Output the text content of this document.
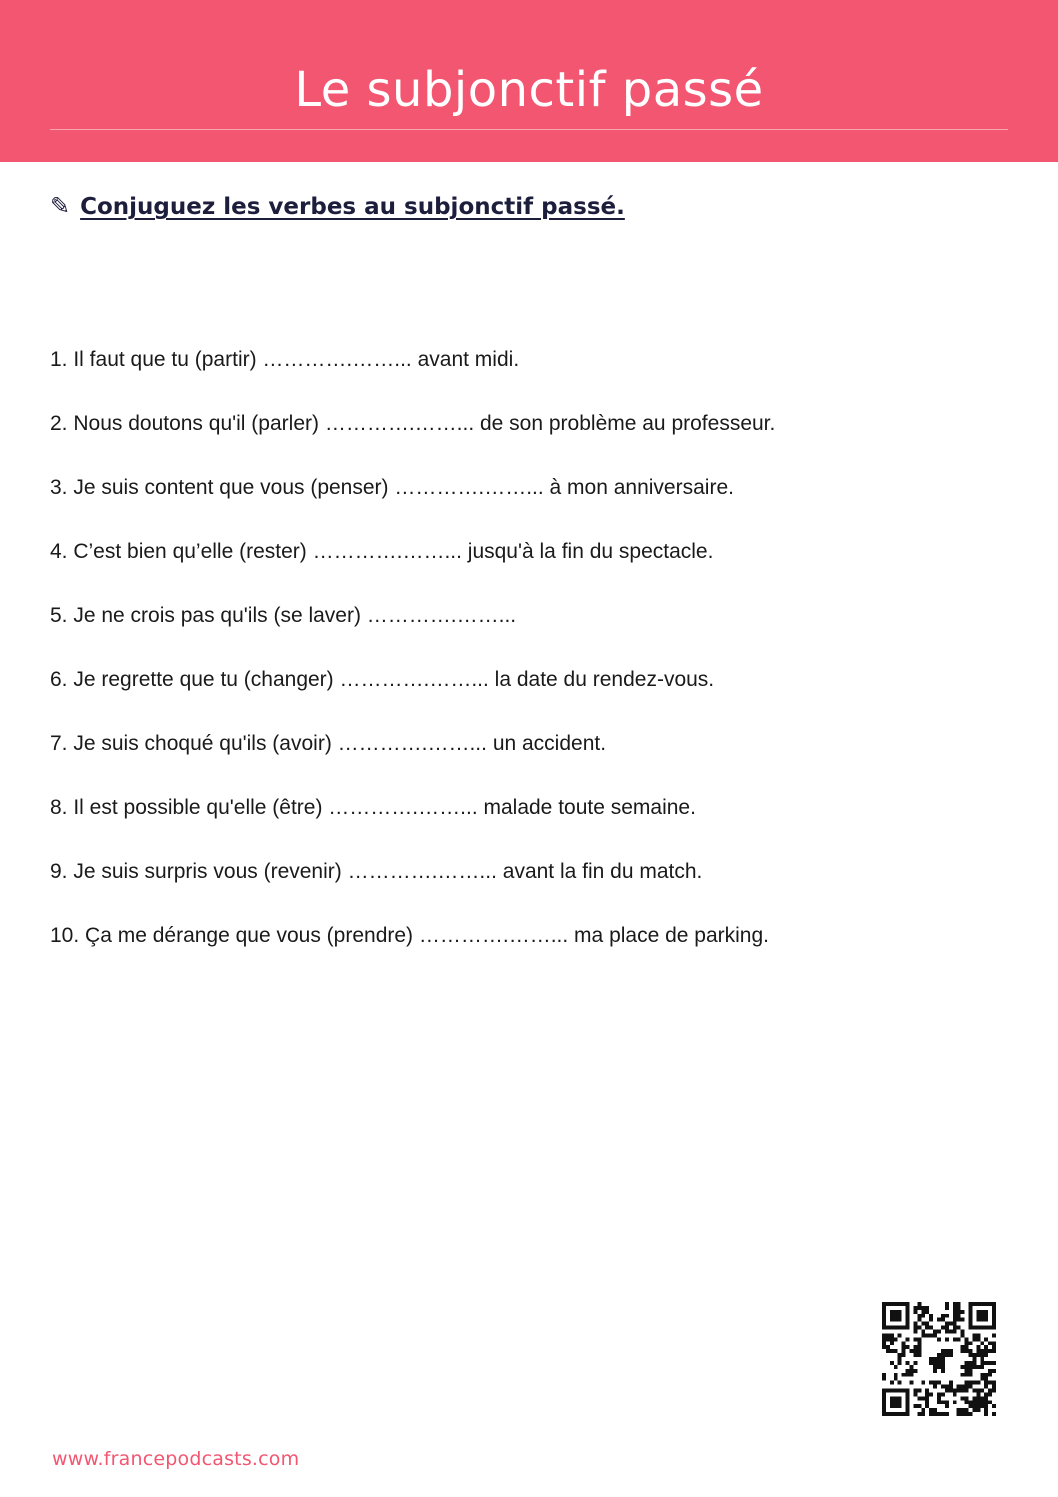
Le subjonctif passé
✎ Conjuguez les verbes au subjonctif passé.
1. Il faut que tu (partir) ………….……... avant midi.
2. Nous doutons qu'il (parler) ………….……... de son problème au professeur.
3. Je suis content que vous (penser) ………….……... à mon anniversaire.
4. C’est bien qu’elle (rester) ………….……... jusqu'à la fin du spectacle.
5. Je ne crois pas qu'ils (se laver) ………….……...
6. Je regrette que tu (changer) ………….……... la date du rendez-vous.
7. Je suis choqué qu'ils (avoir) ………….……... un accident.
8. Il est possible qu'elle (être) ………….……... malade toute semaine.
9. Je suis surpris vous (revenir) ………….……... avant la fin du match.
10. Ça me dérange que vous (prendre) ………….……... ma place de parking.
www.francepodcasts.com
